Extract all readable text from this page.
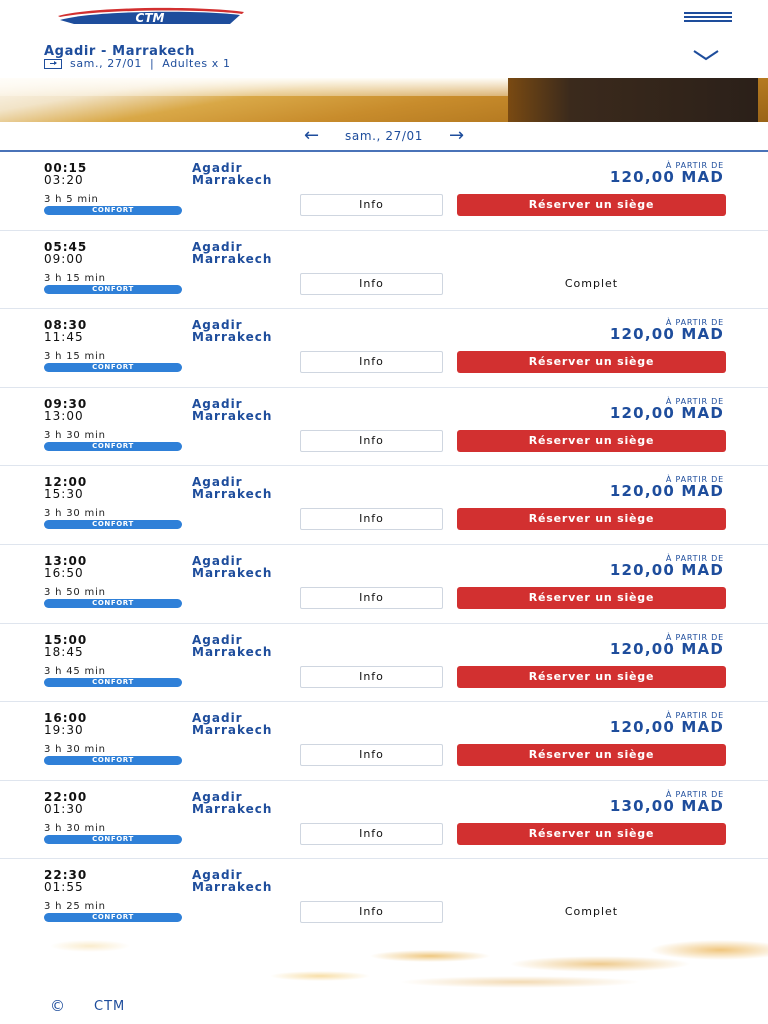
CTM
Agadir - Marrakech
sam., 27/01 | Adultes x 1
← sam., 27/01 →
00:15
03:20
Agadir
Marrakech
3 h 5 min
CONFORT	Info
À PARTIR DE
120,00 MAD
Réserver un siège
05:45
09:00
Agadir
Marrakech
3 h 15 min
CONFORT	Info	Complet
08:30
11:45
Agadir
Marrakech
3 h 15 min
CONFORT	Info
À PARTIR DE
120,00 MAD
Réserver un siège
09:30
13:00
Agadir
Marrakech
3 h 30 min
CONFORT	Info
À PARTIR DE
120,00 MAD
Réserver un siège
12:00
15:30
Agadir
Marrakech
3 h 30 min
CONFORT	Info
À PARTIR DE
120,00 MAD
Réserver un siège
13:00
16:50
Agadir
Marrakech
3 h 50 min
CONFORT	Info
À PARTIR DE
120,00 MAD
Réserver un siège
15:00
18:45
Agadir
Marrakech
3 h 45 min
CONFORT	Info
À PARTIR DE
120,00 MAD
Réserver un siège
16:00
19:30
Agadir
Marrakech
3 h 30 min
CONFORT	Info
À PARTIR DE
120,00 MAD
Réserver un siège
22:00
01:30
Agadir
Marrakech
3 h 30 min
CONFORT	Info
À PARTIR DE
130,00 MAD
Réserver un siège
22:30
01:55
Agadir
Marrakech
3 h 25 min
CONFORT	Info	Complet
© CTM
